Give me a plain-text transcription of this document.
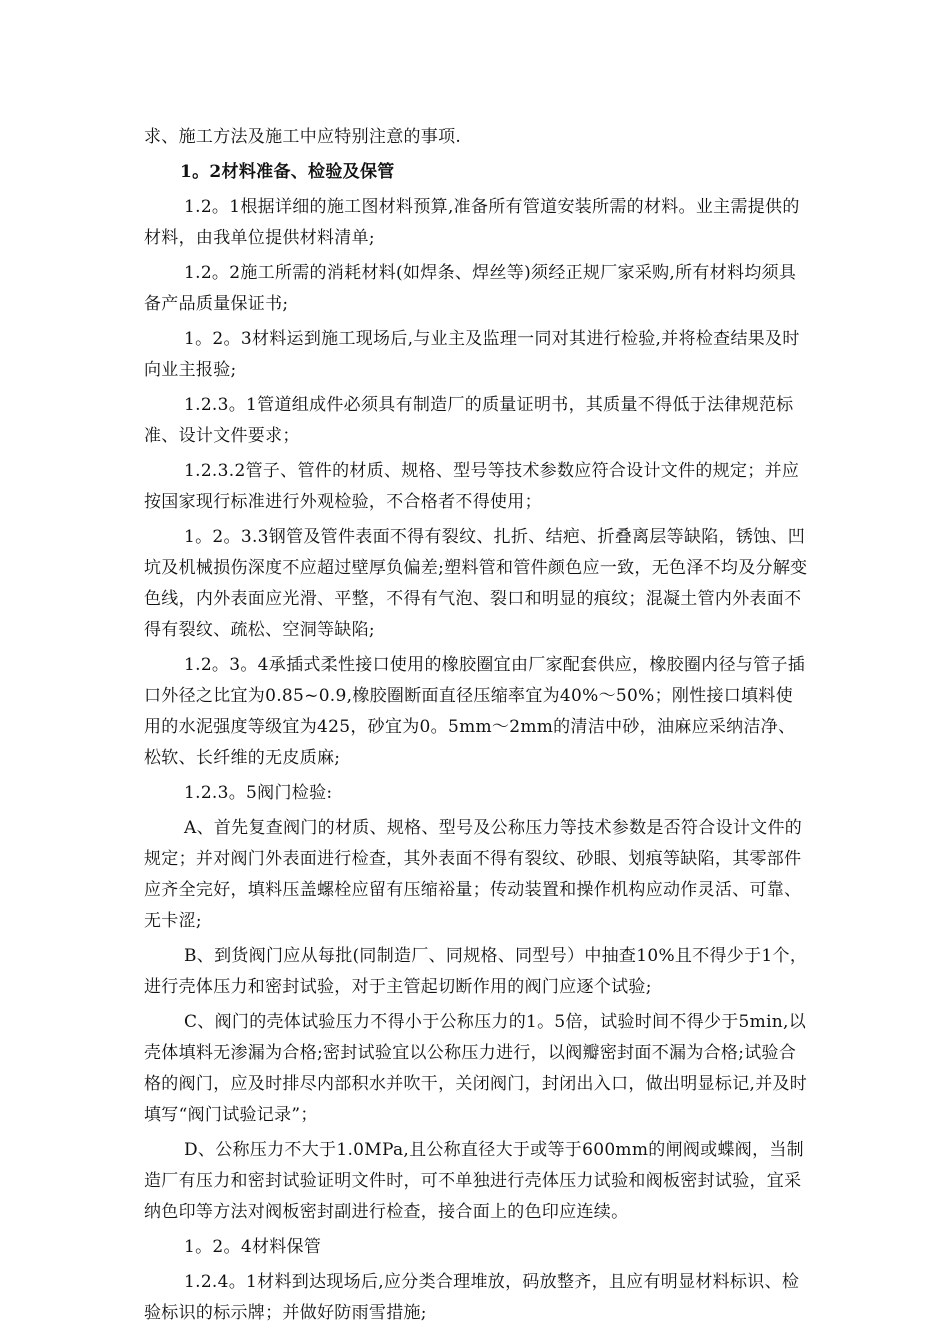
求、施工方法及施工中应特别注意的事项.

1。2材料准备、检验及保管

1.2。1根据详细的施工图材料预算,准备所有管道安装所需的材料。业主需提供的材料，由我单位提供材料清单;

1.2。2施工所需的消耗材料(如焊条、焊丝等)须经正规厂家采购,所有材料均须具备产品质量保证书;

1。2。3材料运到施工现场后,与业主及监理一同对其进行检验,并将检查结果及时向业主报验;

1.2.3。1管道组成件必须具有制造厂的质量证明书，其质量不得低于法律规范标准、设计文件要求；

1.2.3.2管子、管件的材质、规格、型号等技术参数应符合设计文件的规定；并应按国家现行标准进行外观检验，不合格者不得使用；

1。2。3.3钢管及管件表面不得有裂纹、扎折、结疤、折叠离层等缺陷，锈蚀、凹坑及机械损伤深度不应超过壁厚负偏差;塑料管和管件颜色应一致，无色泽不均及分解变色线，内外表面应光滑、平整，不得有气泡、裂口和明显的痕纹；混凝土管内外表面不得有裂纹、疏松、空洞等缺陷;

1.2。3。4承插式柔性接口使用的橡胶圈宜由厂家配套供应，橡胶圈内径与管子插口外径之比宜为0.85~0.9,橡胶圈断面直径压缩率宜为40%～50%；刚性接口填料使用的水泥强度等级宜为425，砂宜为0。5mm～2mm的清洁中砂，油麻应采纳洁净、松软、长纤维的无皮质麻;

1.2.3。5阀门检验:

A、首先复查阀门的材质、规格、型号及公称压力等技术参数是否符合设计文件的规定；并对阀门外表面进行检查，其外表面不得有裂纹、砂眼、划痕等缺陷，其零部件应齐全完好，填料压盖螺栓应留有压缩裕量；传动装置和操作机构应动作灵活、可靠、无卡涩;

B、到货阀门应从每批(同制造厂、同规格、同型号）中抽查10%且不得少于1个，进行壳体压力和密封试验，对于主管起切断作用的阀门应逐个试验;

C、阀门的壳体试验压力不得小于公称压力的1。5倍，试验时间不得少于5min,以壳体填料无渗漏为合格;密封试验宜以公称压力进行，以阀瓣密封面不漏为合格;试验合格的阀门，应及时排尽内部积水并吹干，关闭阀门，封闭出入口，做出明显标记,并及时填写“阀门试验记录”；

D、公称压力不大于1.0MPa,且公称直径大于或等于600mm的闸阀或蝶阀，当制造厂有压力和密封试验证明文件时，可不单独进行壳体压力试验和阀板密封试验，宜采纳色印等方法对阀板密封副进行检查，接合面上的色印应连续。

1。2。4材料保管

1.2.4。1材料到达现场后,应分类合理堆放，码放整齐，且应有明显材料标识、检验标识的标示牌；并做好防雨雪措施;
